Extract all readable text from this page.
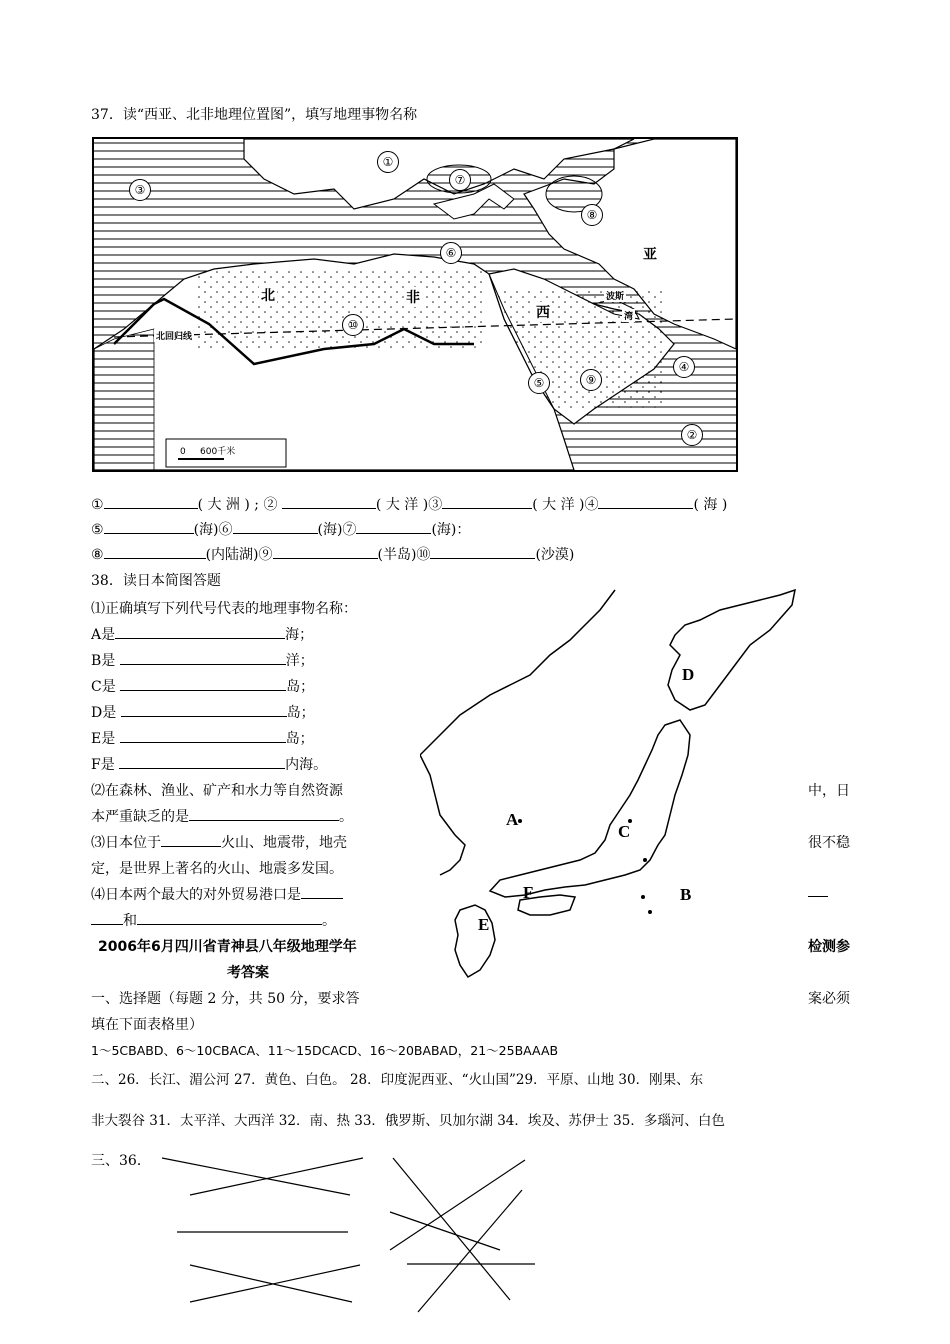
37．读“西亚、北非地理位置图”，填写地理事物名称
①
②
③
④
⑤
⑥
⑦
⑧
⑨
⑩
北	非
西
亚
波斯
湾
北回归线
0     600千米
①	( 大 洲 ) ; ②	( 大 洋 )③	( 大 洋 )④	( 海 )
⑤	(海)⑥	(海)⑦	(海)：
⑧	(内陆湖)⑨	(半岛)⑩	(沙漠)
38．读日本简图答题
⑴正确填写下列代号代表的地理事物名称：
A是	海；
B是	洋；
C是	岛；
D是	岛；
E是	岛；
F是	内海。
⑵在森林、渔业、矿产和水力等自然资源	中，日
本严重缺乏的是	。
⑶日本位于	火山、地震带，地壳	很不稳
定，是世界上著名的火山、地震多发国。
⑷日本两个最大的对外贸易港口是
和	。
A
B
C
D
E
F
2006年6月四川省青神县八年级地理学年	检测参
考答案
一、选择题（每题 2 分，共 50 分，要求答	案必须
填在下面表格里）
1～5CBABD、6～10CBACA、11～15DCACD、16～20BABAD，21～25BAAAB
二、26．长江、湄公河 27．黄色、白色。 28．印度泥西亚、“火山国”29．平原、山地 30．刚果、东
非大裂谷 31．太平洋、大西洋 32．南、热 33．俄罗斯、贝加尔湖 34．埃及、苏伊士 35．多瑙河、白色
三、36．
